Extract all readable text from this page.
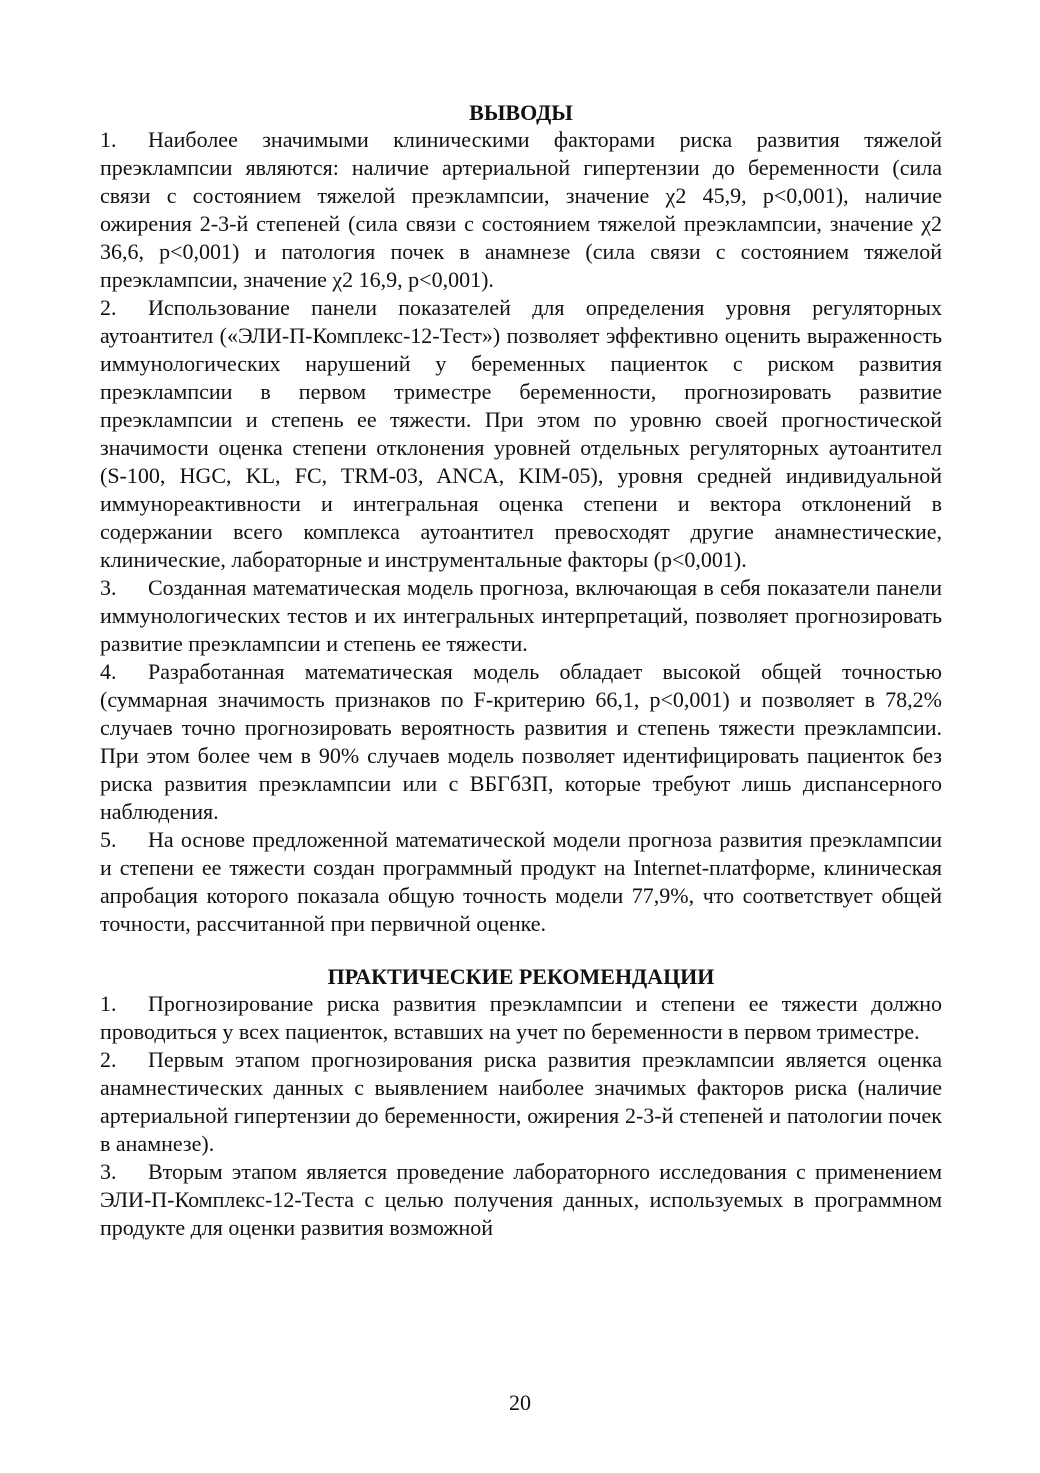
ВЫВОДЫ

1. Наиболее значимыми клиническими факторами риска развития тяжелой преэклампсии являются: наличие артериальной гипертензии до беременности (сила связи с состоянием тяжелой преэклампсии, значение χ2 45,9, p<0,001), наличие ожирения 2-3-й степеней (сила связи с состоянием тяжелой преэклампсии, значение χ2 36,6, p<0,001) и патология почек в анамнезе (сила связи с состоянием тяжелой преэклампсии, значение χ2 16,9, p<0,001).

2. Использование панели показателей для определения уровня регуляторных аутоантител («ЭЛИ-П-Комплекс-12-Тест») позволяет эффективно оценить выраженность иммунологических нарушений у беременных пациенток с риском развития преэклампсии в первом триместре беременности, прогнозировать развитие преэклампсии и степень ее тяжести. При этом по уровню своей прогностической значимости оценка степени отклонения уровней отдельных регуляторных аутоантител (S-100, HGC, KL, FC, TRM-03, ANCA, KIM-05), уровня средней индивидуальной иммунореактивности и интегральная оценка степени и вектора отклонений в содержании всего комплекса аутоантител превосходят другие анамнестические, клинические, лабораторные и инструментальные факторы (p<0,001).

3. Созданная математическая модель прогноза, включающая в себя показатели панели иммунологических тестов и их интегральных интерпретаций, позволяет прогнозировать развитие преэклампсии и степень ее тяжести.

4. Разработанная математическая модель обладает высокой общей точностью (суммарная значимость признаков по F-критерию 66,1, p<0,001) и позволяет в 78,2% случаев точно прогнозировать вероятность развития и степень тяжести преэклампсии. При этом более чем в 90% случаев модель позволяет идентифицировать пациенток без риска развития преэклампсии или с ВБГбЗП, которые требуют лишь диспансерного наблюдения.

5. На основе предложенной математической модели прогноза развития преэклампсии и степени ее тяжести создан программный продукт на Internet-платформе, клиническая апробация которого показала общую точность модели 77,9%, что соответствует общей точности, рассчитанной при первичной оценке.

ПРАКТИЧЕСКИЕ РЕКОМЕНДАЦИИ

1. Прогнозирование риска развития преэклампсии и степени ее тяжести должно проводиться у всех пациенток, вставших на учет по беременности в первом триместре.

2. Первым этапом прогнозирования риска развития преэклампсии является оценка анамнестических данных с выявлением наиболее значимых факторов риска (наличие артериальной гипертензии до беременности, ожирения 2-3-й степеней и патологии почек в анамнезе).

3. Вторым этапом является проведение лабораторного исследования с применением ЭЛИ-П-Комплекс-12-Теста с целью получения данных, используемых в программном продукте для оценки развития возможной

20
